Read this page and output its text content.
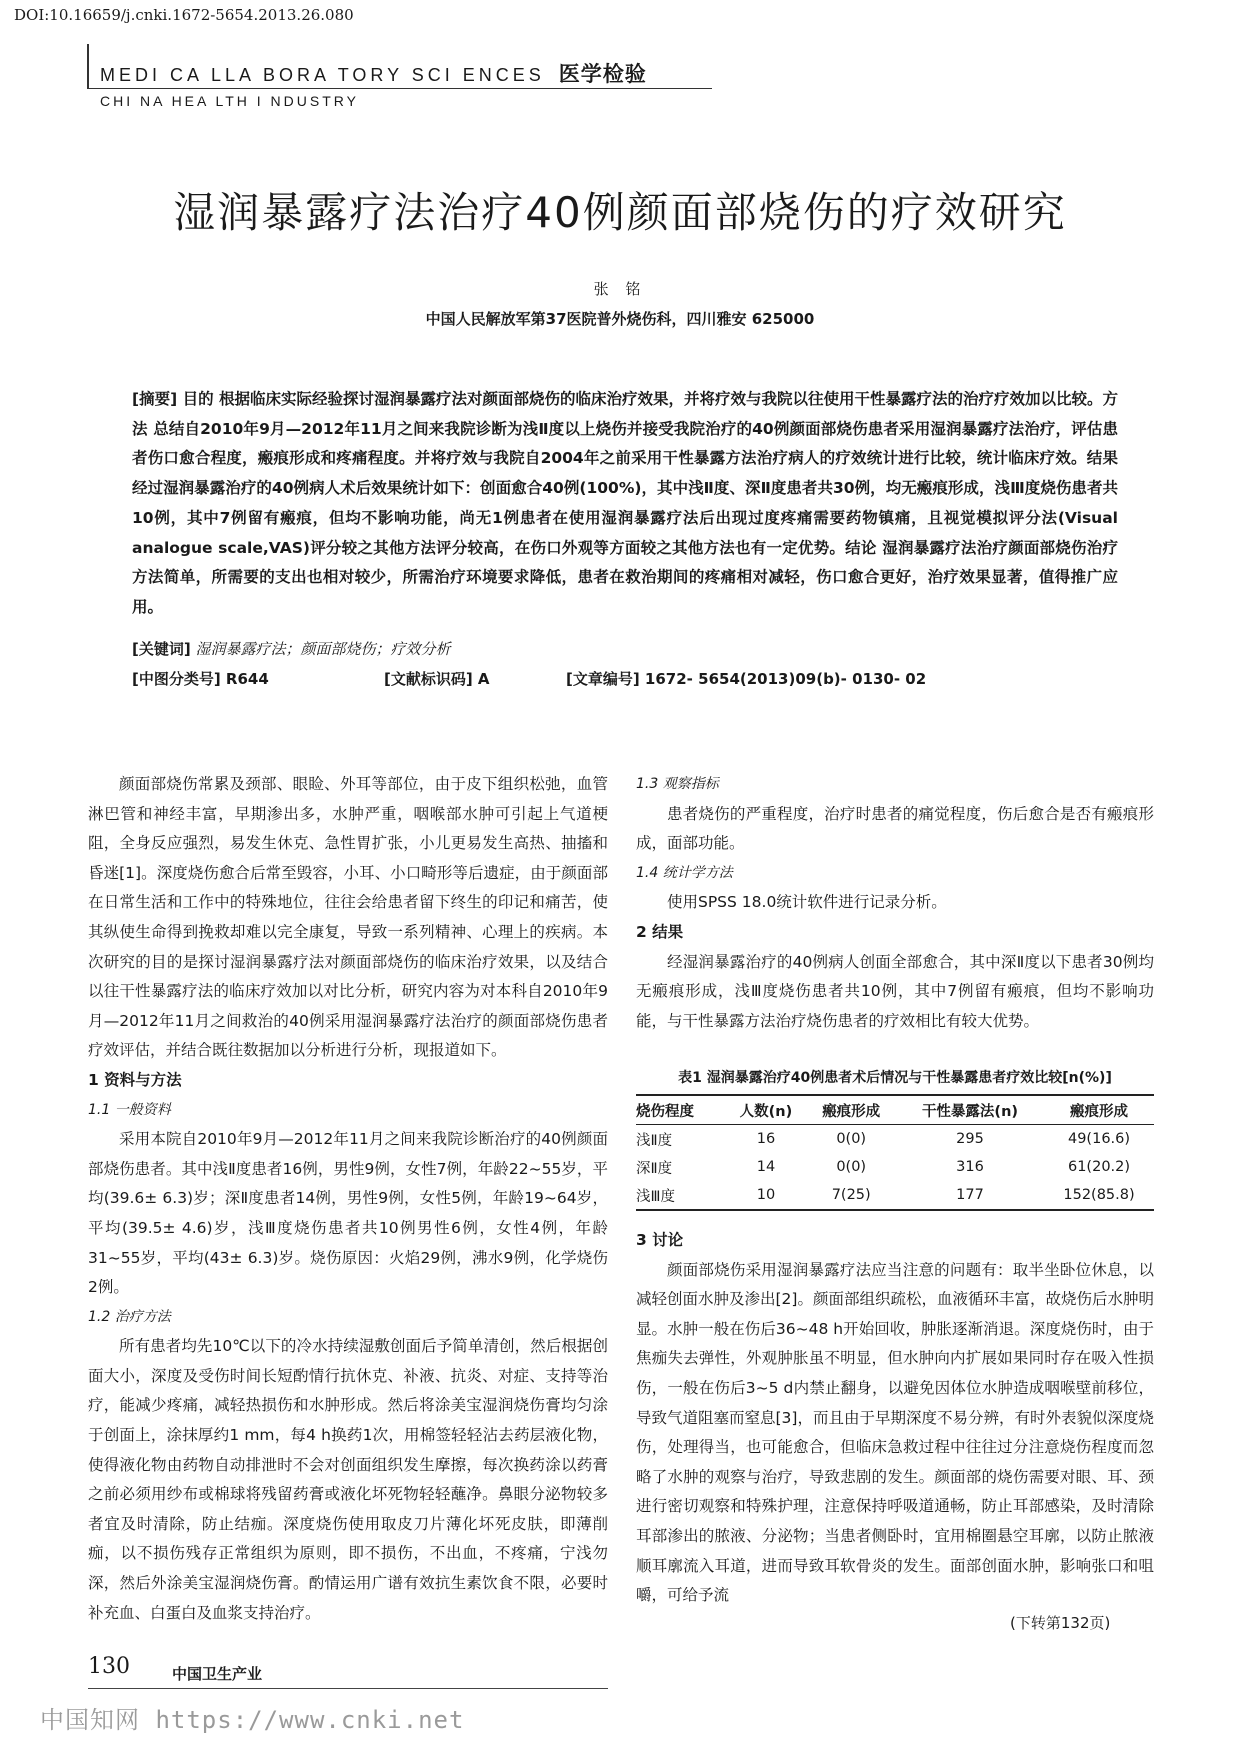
DOI:10.16659/j.cnki.1672-5654.2013.26.080
MEDI CA LLA BORA TORY SCI ENCES 医学检验
CHI NA HEA LTH I NDUSTRY
湿润暴露疗法治疗40例颜面部烧伤的疗效研究
张 铭
中国人民解放军第37医院普外烧伤科，四川雅安 625000
[摘要] 目的 根据临床实际经验探讨湿润暴露疗法对颜面部烧伤的临床治疗效果，并将疗效与我院以往使用干性暴露疗法的治疗疗效加以比较。方法 总结自2010年9月—2012年11月之间来我院诊断为浅Ⅱ度以上烧伤并接受我院治疗的40例颜面部烧伤患者采用湿润暴露疗法治疗，评估患者伤口愈合程度，瘢痕形成和疼痛程度。并将疗效与我院自2004年之前采用干性暴露方法治疗病人的疗效统计进行比较，统计临床疗效。结果 经过湿润暴露治疗的40例病人术后效果统计如下：创面愈合40例(100%)，其中浅Ⅱ度、深Ⅱ度患者共30例，均无瘢痕形成，浅Ⅲ度烧伤患者共10例，其中7例留有瘢痕，但均不影响功能，尚无1例患者在使用湿润暴露疗法后出现过度疼痛需要药物镇痛，且视觉模拟评分法(Visual analogue scale,VAS)评分较之其他方法评分较高，在伤口外观等方面较之其他方法也有一定优势。结论 湿润暴露疗法治疗颜面部烧伤治疗方法简单，所需要的支出也相对较少，所需治疗环境要求降低，患者在救治期间的疼痛相对减轻，伤口愈合更好，治疗效果显著，值得推广应用。
[关键词] 湿润暴露疗法；颜面部烧伤；疗效分析
[中图分类号] R644	[文献标识码] A	[文章编号] 1672- 5654(2013)09(b)- 0130- 02

颜面部烧伤常累及颈部、眼睑、外耳等部位，由于皮下组织松弛，血管淋巴管和神经丰富，早期渗出多，水肿严重，咽喉部水肿可引起上气道梗阻，全身反应强烈，易发生休克、急性胃扩张，小儿更易发生高热、抽搐和昏迷[1]。深度烧伤愈合后常至毁容，小耳、小口畸形等后遗症，由于颜面部在日常生活和工作中的特殊地位，往往会给患者留下终生的印记和痛苦，使其纵使生命得到挽救却难以完全康复，导致一系列精神、心理上的疾病。本次研究的目的是探讨湿润暴露疗法对颜面部烧伤的临床治疗效果，以及结合以往干性暴露疗法的临床疗效加以对比分析，研究内容为对本科自2010年9月—2012年11月之间救治的40例采用湿润暴露疗法治疗的颜面部烧伤患者疗效评估，并结合既往数据加以分析进行分析，现报道如下。

1 资料与方法

1.1 一般资料

采用本院自2010年9月—2012年11月之间来我院诊断治疗的40例颜面部烧伤患者。其中浅Ⅱ度患者16例，男性9例，女性7例，年龄22~55岁，平均(39.6± 6.3)岁；深Ⅱ度患者14例，男性9例，女性5例，年龄19~64岁，平均(39.5± 4.6)岁，浅Ⅲ度烧伤患者共10例男性6例，女性4例，年龄31~55岁，平均(43± 6.3)岁。烧伤原因：火焰29例，沸水9例，化学烧伤2例。

1.2 治疗方法

所有患者均先10℃以下的冷水持续湿敷创面后予简单清创，然后根据创面大小，深度及受伤时间长短酌情行抗休克、补液、抗炎、对症、支持等治疗，能减少疼痛，减轻热损伤和水肿形成。然后将涂美宝湿润烧伤膏均匀涂于创面上，涂抹厚约1 mm，每4 h换药1次，用棉签轻轻沾去药层液化物，使得液化物由药物自动排泄时不会对创面组织发生摩擦，每次换药涂以药膏之前必须用纱布或棉球将残留药膏或液化坏死物轻轻蘸净。鼻眼分泌物较多者宜及时清除，防止结痂。深度烧伤使用取皮刀片薄化坏死皮肤，即薄削痂，以不损伤残存正常组织为原则，即不损伤，不出血，不疼痛，宁浅勿深，然后外涂美宝湿润烧伤膏。酌情运用广谱有效抗生素饮食不限，必要时补充血、白蛋白及血浆支持治疗。

1.3 观察指标

患者烧伤的严重程度，治疗时患者的痛觉程度，伤后愈合是否有瘢痕形成，面部功能。

1.4 统计学方法

使用SPSS 18.0统计软件进行记录分析。

2 结果

经湿润暴露治疗的40例病人创面全部愈合，其中深Ⅱ度以下患者30例均无瘢痕形成，浅Ⅲ度烧伤患者共10例，其中7例留有瘢痕，但均不影响功能，与干性暴露方法治疗烧伤患者的疗效相比有较大优势。

表1 湿润暴露治疗40例患者术后情况与干性暴露患者疗效比较[n(%)]
烧伤程度	人数(n)	瘢痕形成	干性暴露法(n)	瘢痕形成
浅Ⅱ度	16	0(0)	295	49(16.6)
深Ⅱ度	14	0(0)	316	61(20.2)
浅Ⅲ度	10	7(25)	177	152(85.8)

3 讨论

颜面部烧伤采用湿润暴露疗法应当注意的问题有：取半坐卧位休息，以减轻创面水肿及渗出[2]。颜面部组织疏松，血液循环丰富，故烧伤后水肿明显。水肿一般在伤后36~48 h开始回收，肿胀逐渐消退。深度烧伤时，由于焦痂失去弹性，外观肿胀虽不明显，但水肿向内扩展如果同时存在吸入性损伤，一般在伤后3~5 d内禁止翻身，以避免因体位水肿造成咽喉壁前移位，导致气道阻塞而窒息[3]，而且由于早期深度不易分辨，有时外表貌似深度烧伤，处理得当，也可能愈合，但临床急救过程中往往过分注意烧伤程度而忽略了水肿的观察与治疗，导致悲剧的发生。颜面部的烧伤需要对眼、耳、颈进行密切观察和特殊护理，注意保持呼吸道通畅，防止耳部感染，及时清除耳部渗出的脓液、分泌物；当患者侧卧时，宜用棉圈悬空耳廓，以防止脓液顺耳廓流入耳道，进而导致耳软骨炎的发生。面部创面水肿，影响张口和咀嚼，可给予流

(下转第132页)
130	中国卫生产业
中国知网 https://www.cnki.net
